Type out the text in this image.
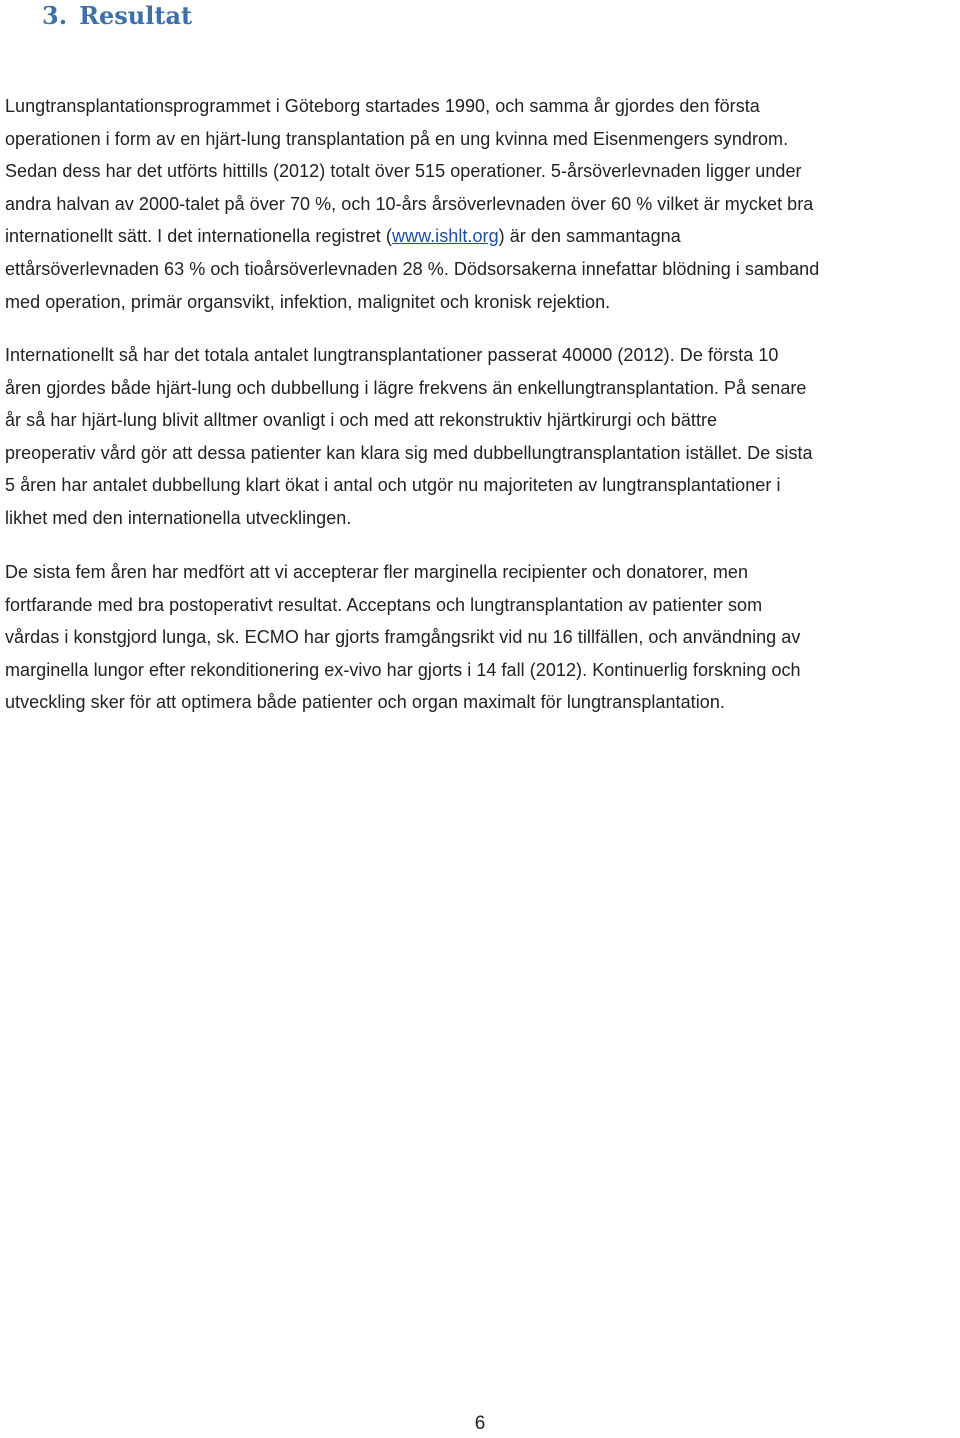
3. Resultat

Lungtransplantationsprogrammet i Göteborg startades 1990, och samma år gjordes den första
operationen i form av en hjärt-lung transplantation på en ung kvinna med Eisenmengers syndrom.
Sedan dess har det utförts hittills (2012) totalt över 515 operationer. 5-årsöverlevnaden ligger under
andra halvan av 2000-talet på över 70 %, och 10-års årsöverlevnaden över 60 % vilket är mycket bra
internationellt sätt. I det internationella registret (www.ishlt.org) är den sammantagna
ettårsöverlevnaden 63 % och tioårsöverlevnaden 28 %. Dödsorsakerna innefattar blödning i samband
med operation, primär organsvikt, infektion, malignitet och kronisk rejektion.

Internationellt så har det totala antalet lungtransplantationer passerat 40000 (2012). De första 10
åren gjordes både hjärt-lung och dubbellung i lägre frekvens än enkellungtransplantation. På senare
år så har hjärt-lung blivit alltmer ovanligt i och med att rekonstruktiv hjärtkirurgi och bättre
preoperativ vård gör att dessa patienter kan klara sig med dubbellungtransplantation istället. De sista
5 åren har antalet dubbellung klart ökat i antal och utgör nu majoriteten av lungtransplantationer i
likhet med den internationella utvecklingen.

De sista fem åren har medfört att vi accepterar fler marginella recipienter och donatorer, men
fortfarande med bra postoperativt resultat. Acceptans och lungtransplantation av patienter som
vårdas i konstgjord lunga, sk. ECMO har gjorts framgångsrikt vid nu 16 tillfällen, och användning av
marginella lungor efter rekonditionering ex-vivo har gjorts i 14 fall (2012). Kontinuerlig forskning och
utveckling sker för att optimera både patienter och organ maximalt för lungtransplantation.

6
